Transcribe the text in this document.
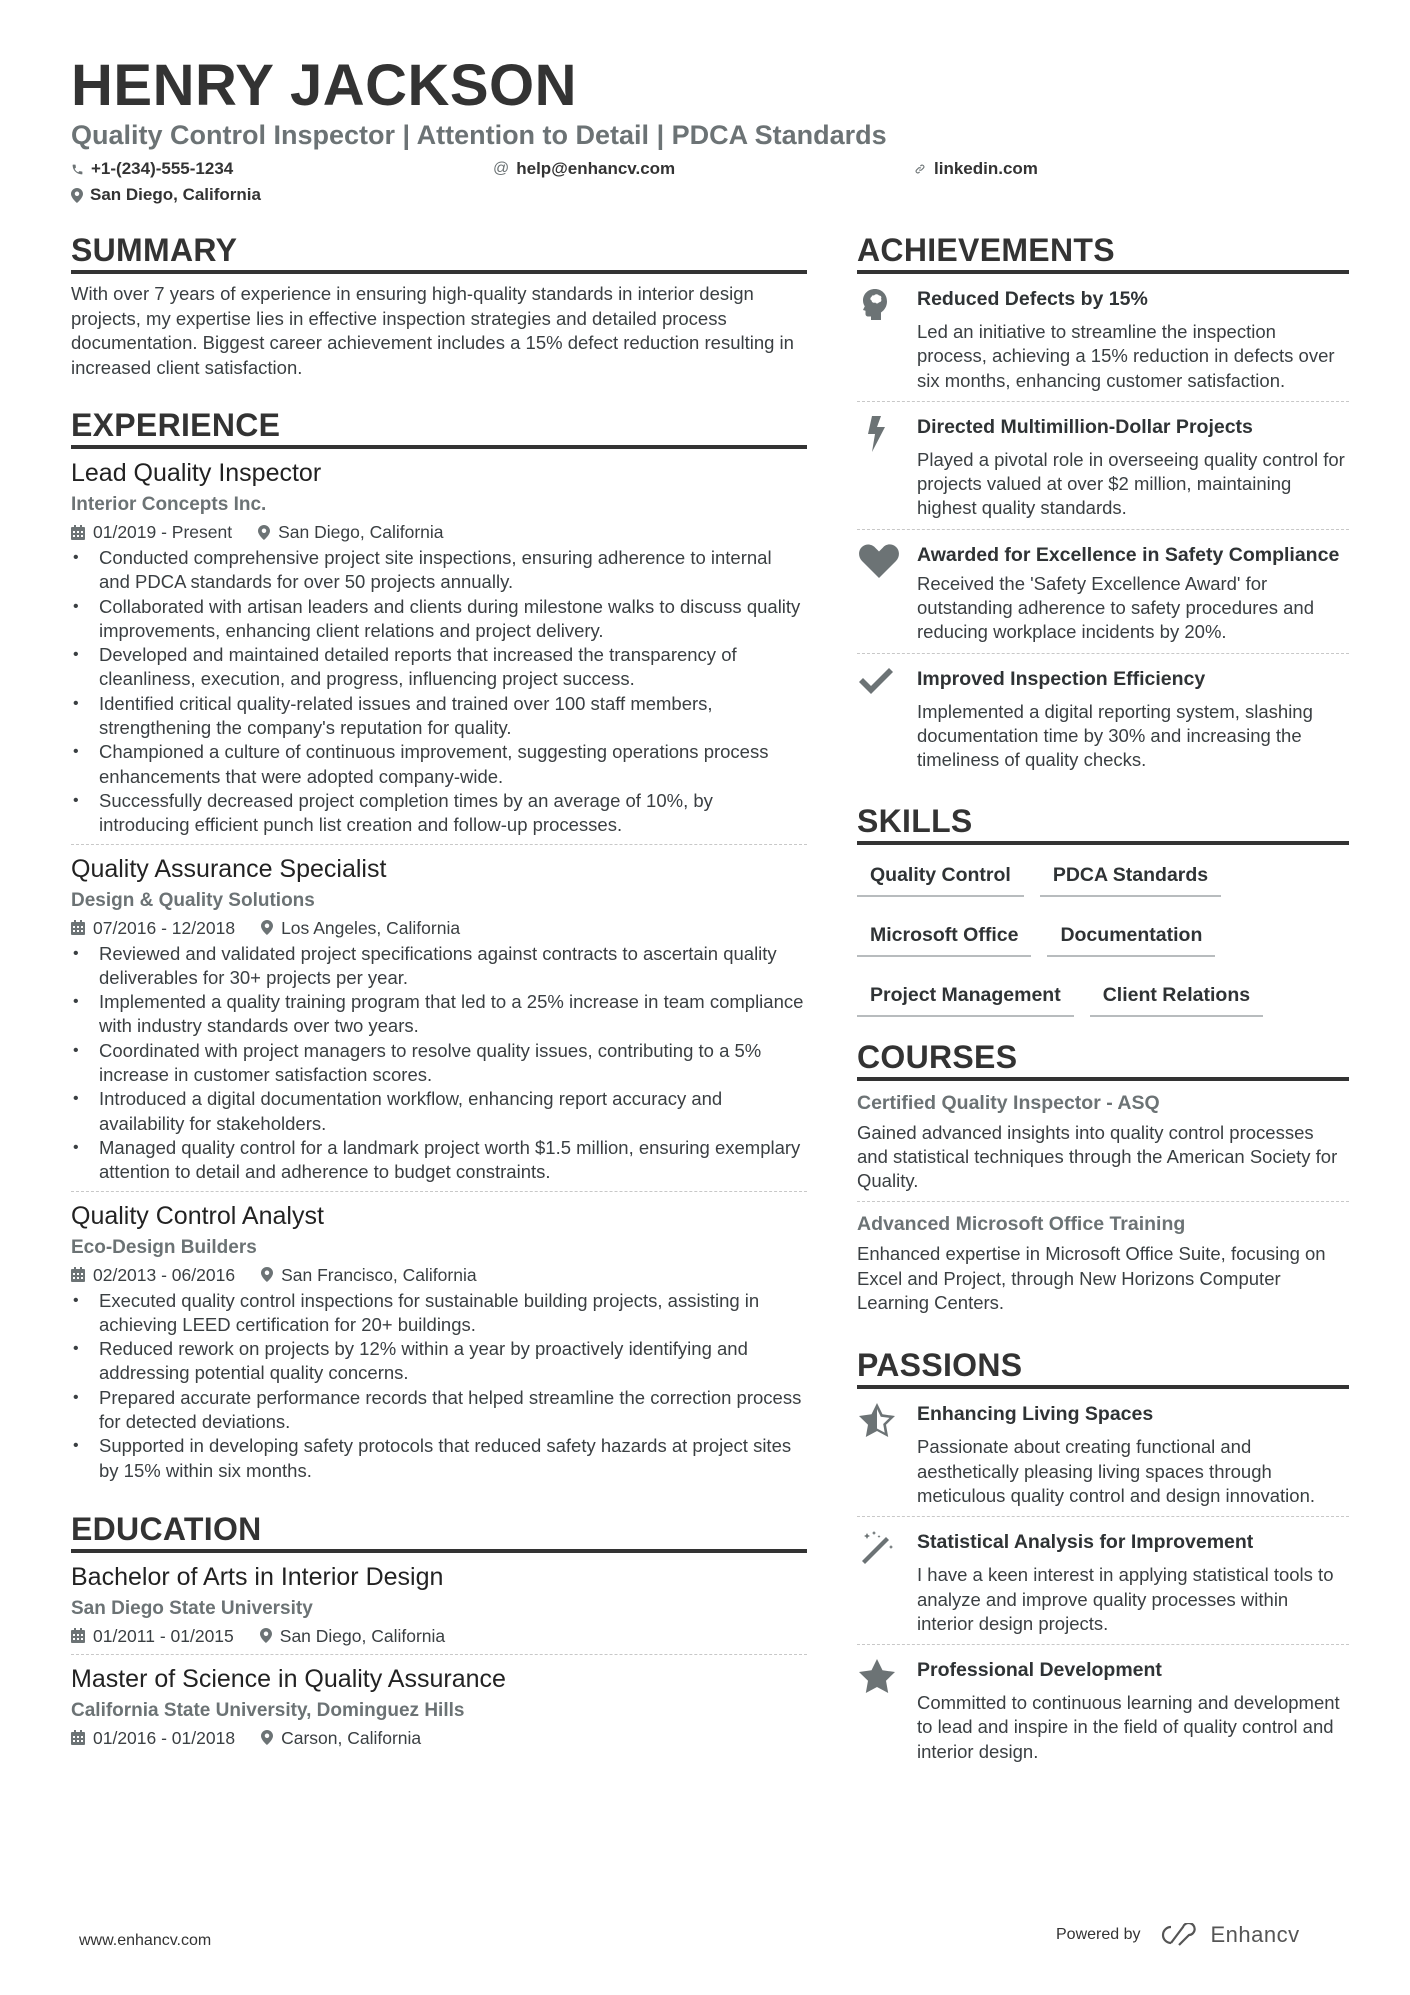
HENRY JACKSON
Quality Control Inspector | Attention to Detail | PDCA Standards
+1-(234)-555-1234	@ help@enhancv.com	linkedin.com
San Diego, California
SUMMARY
With over 7 years of experience in ensuring high-quality standards in interior design projects, my expertise lies in effective inspection strategies and detailed process documentation. Biggest career achievement includes a 15% defect reduction resulting in increased client satisfaction.
EXPERIENCE
Lead Quality Inspector
Interior Concepts Inc.
01/2019 - Present	San Diego, California
• Conducted comprehensive project site inspections, ensuring adherence to internal and PDCA standards for over 50 projects annually.
• Collaborated with artisan leaders and clients during milestone walks to discuss quality improvements, enhancing client relations and project delivery.
• Developed and maintained detailed reports that increased the transparency of cleanliness, execution, and progress, influencing project success.
• Identified critical quality-related issues and trained over 100 staff members, strengthening the company's reputation for quality.
• Championed a culture of continuous improvement, suggesting operations process enhancements that were adopted company-wide.
• Successfully decreased project completion times by an average of 10%, by introducing efficient punch list creation and follow-up processes.
Quality Assurance Specialist
Design & Quality Solutions
07/2016 - 12/2018	Los Angeles, California
• Reviewed and validated project specifications against contracts to ascertain quality deliverables for 30+ projects per year.
• Implemented a quality training program that led to a 25% increase in team compliance with industry standards over two years.
• Coordinated with project managers to resolve quality issues, contributing to a 5% increase in customer satisfaction scores.
• Introduced a digital documentation workflow, enhancing report accuracy and availability for stakeholders.
• Managed quality control for a landmark project worth $1.5 million, ensuring exemplary attention to detail and adherence to budget constraints.
Quality Control Analyst
Eco-Design Builders
02/2013 - 06/2016	San Francisco, California
• Executed quality control inspections for sustainable building projects, assisting in achieving LEED certification for 20+ buildings.
• Reduced rework on projects by 12% within a year by proactively identifying and addressing potential quality concerns.
• Prepared accurate performance records that helped streamline the correction process for detected deviations.
• Supported in developing safety protocols that reduced safety hazards at project sites by 15% within six months.
EDUCATION
Bachelor of Arts in Interior Design
San Diego State University
01/2011 - 01/2015	San Diego, California
Master of Science in Quality Assurance
California State University, Dominguez Hills
01/2016 - 01/2018	Carson, California
ACHIEVEMENTS
Reduced Defects by 15%
Led an initiative to streamline the inspection process, achieving a 15% reduction in defects over six months, enhancing customer satisfaction.
Directed Multimillion-Dollar Projects
Played a pivotal role in overseeing quality control for projects valued at over $2 million, maintaining highest quality standards.
Awarded for Excellence in Safety Compliance
Received the 'Safety Excellence Award' for outstanding adherence to safety procedures and reducing workplace incidents by 20%.
Improved Inspection Efficiency
Implemented a digital reporting system, slashing documentation time by 30% and increasing the timeliness of quality checks.
SKILLS
Quality Control	PDCA Standards
Microsoft Office	Documentation
Project Management	Client Relations
COURSES
Certified Quality Inspector - ASQ
Gained advanced insights into quality control processes and statistical techniques through the American Society for Quality.
Advanced Microsoft Office Training
Enhanced expertise in Microsoft Office Suite, focusing on Excel and Project, through New Horizons Computer Learning Centers.
PASSIONS
Enhancing Living Spaces
Passionate about creating functional and aesthetically pleasing living spaces through meticulous quality control and design innovation.
Statistical Analysis for Improvement
I have a keen interest in applying statistical tools to analyze and improve quality processes within interior design projects.
Professional Development
Committed to continuous learning and development to lead and inspire in the field of quality control and interior design.
www.enhancv.com	Powered by	Enhancv
